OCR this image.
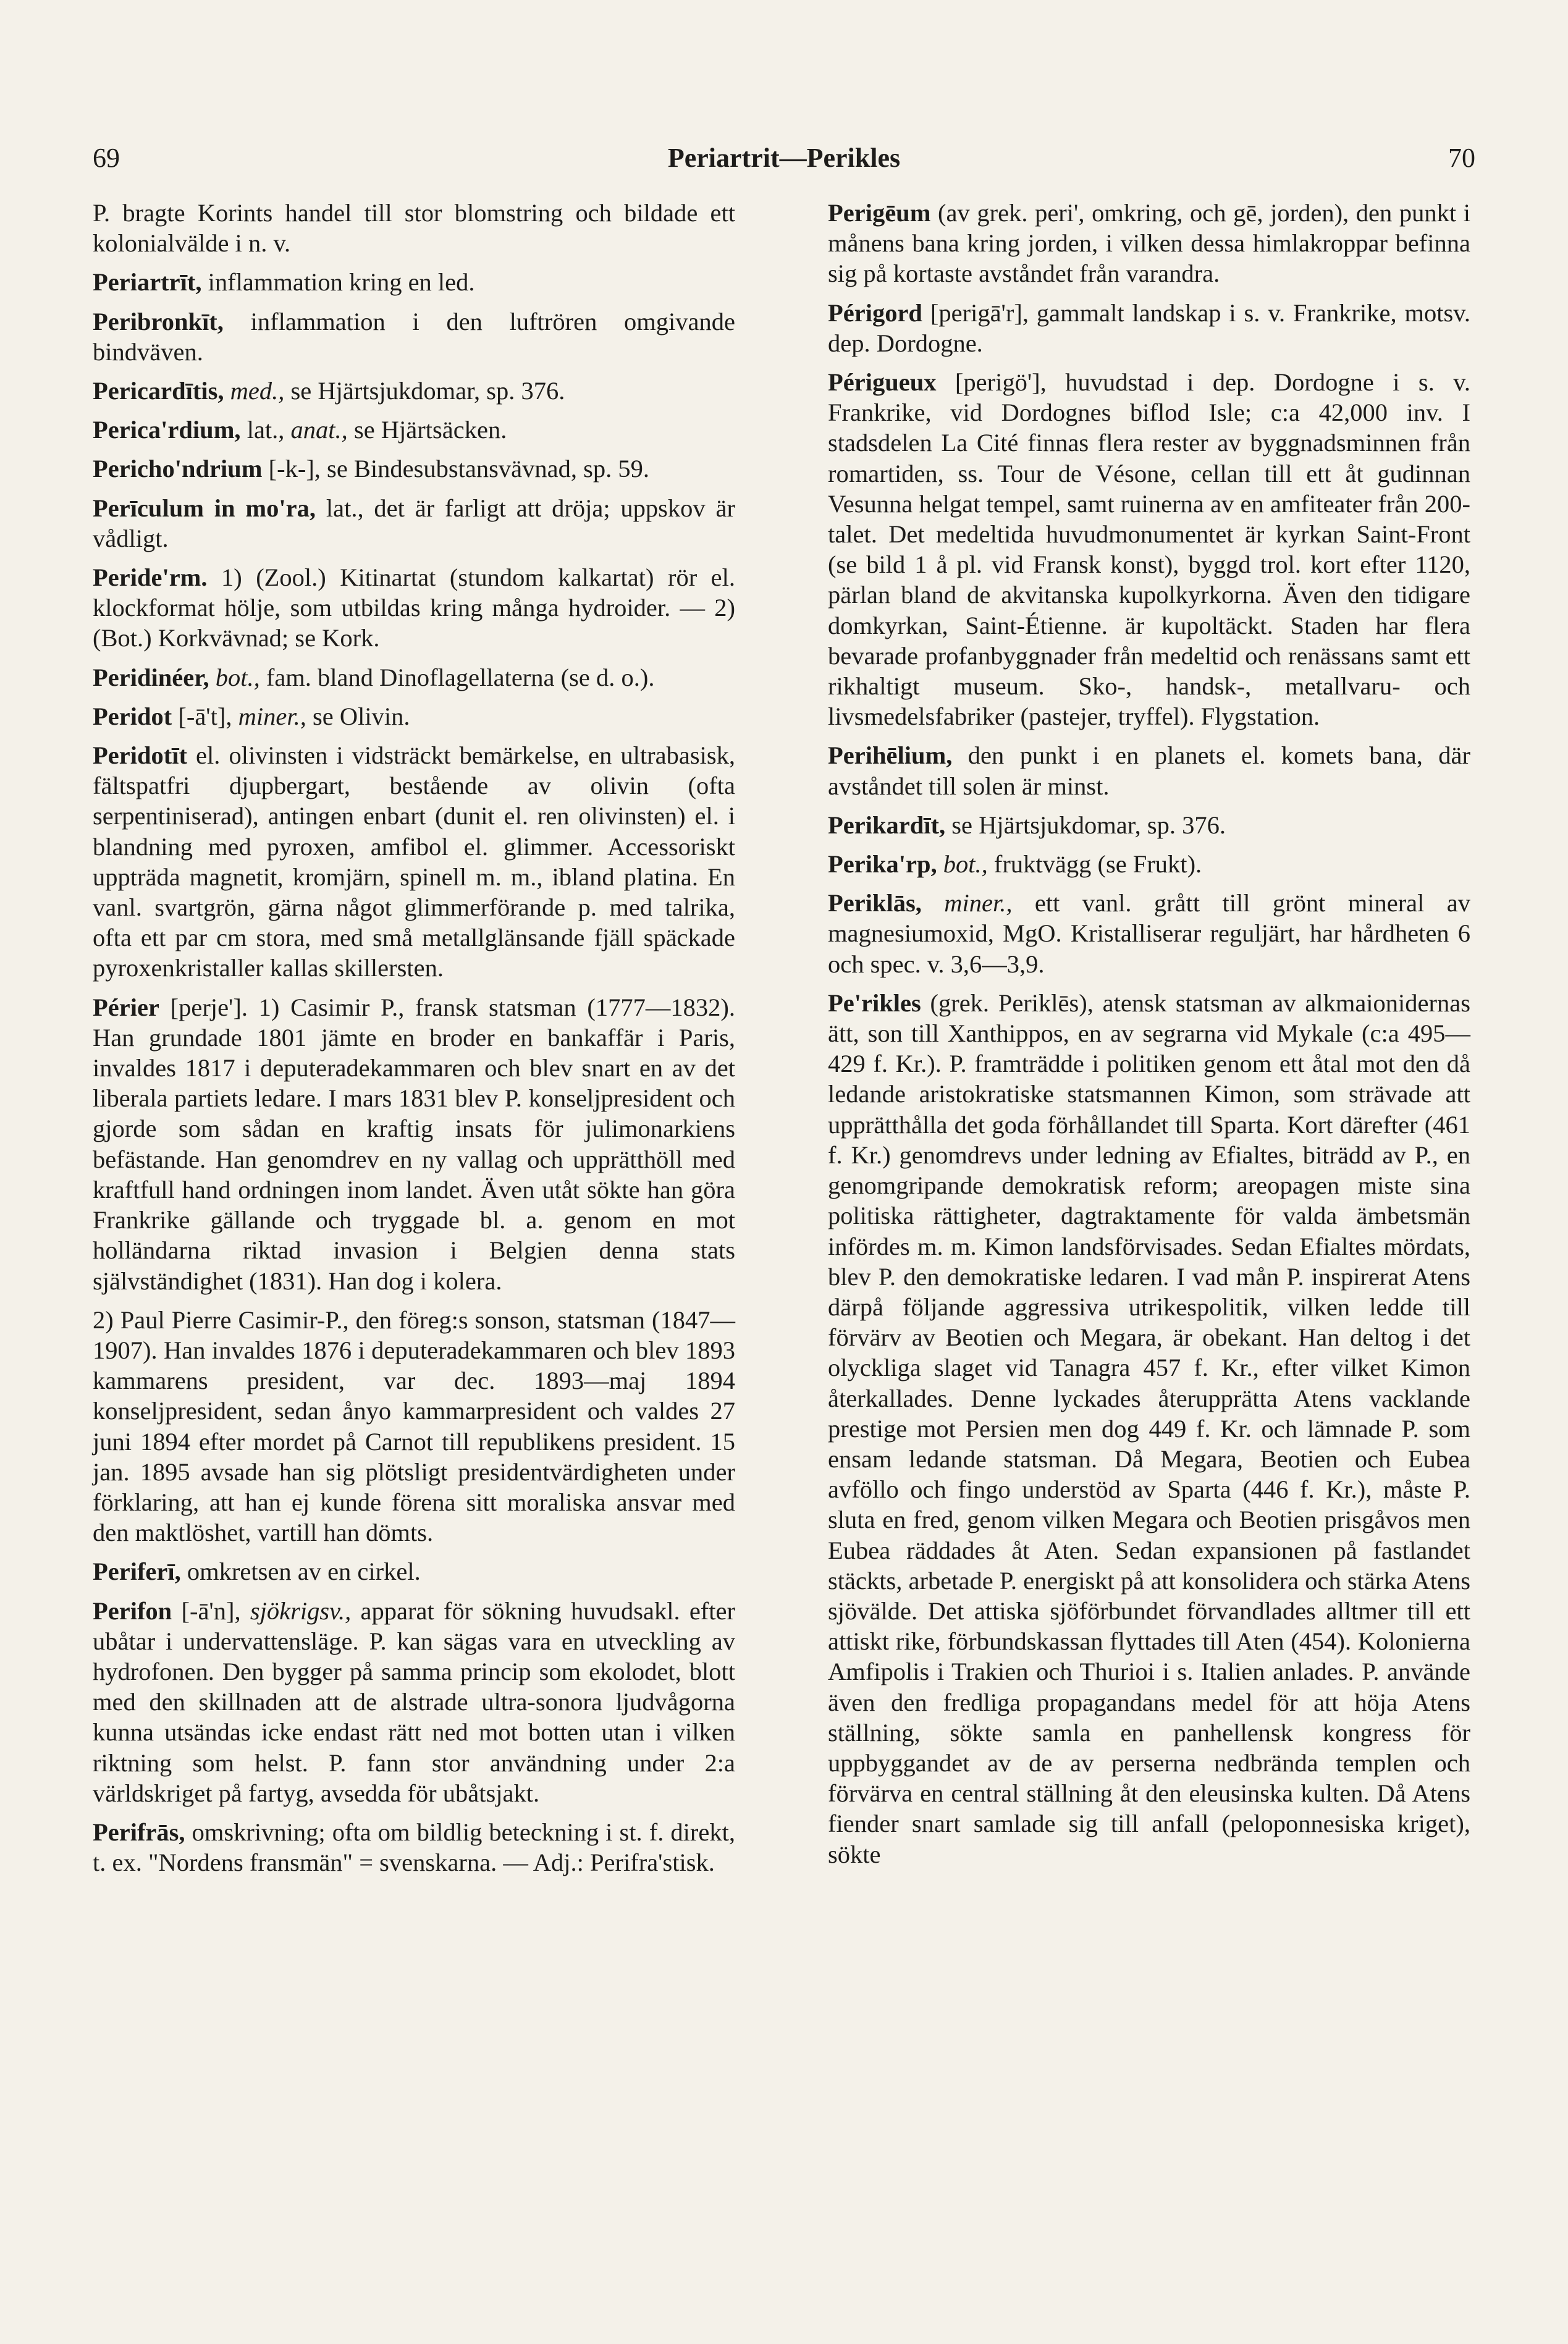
69	Periartrit—Perikles	70

P. bragte Korints handel till stor blomstring och bildade ett kolonialvälde i n. v.

Periartrīt, inflammation kring en led.

Peribronkīt, inflammation i den luftrören omgivande bindväven.

Pericardītis, med., se Hjärtsjukdomar, sp. 376.

Perica'rdium, lat., anat., se Hjärtsäcken.

Pericho'ndrium [-k-], se Bindesubstansvävnad, sp. 59.

Perīculum in mo'ra, lat., det är farligt att dröja; uppskov är vådligt.

Peride'rm. 1) (Zool.) Kitinartat (stundom kalkartat) rör el. klockformat hölje, som utbildas kring många hydroider. — 2) (Bot.) Korkvävnad; se Kork.

Peridinéer, bot., fam. bland Dinoflagellaterna (se d. o.).

Peridot [-ā't], miner., se Olivin.

Peridotīt el. olivinsten i vidsträckt bemärkelse, en ultrabasisk, fältspatfri djupbergart, bestående av olivin (ofta serpentiniserad), antingen enbart (dunit el. ren olivinsten) el. i blandning med pyroxen, amfibol el. glimmer. Accessoriskt uppträda magnetit, kromjärn, spinell m. m., ibland platina. En vanl. svartgrön, gärna något glimmerförande p. med talrika, ofta ett par cm stora, med små metallglänsande fjäll späckade pyroxenkristaller kallas skillersten.

Périer [perje']. 1) Casimir P., fransk statsman (1777—1832). Han grundade 1801 jämte en broder en bankaffär i Paris, invaldes 1817 i deputeradekammaren och blev snart en av det liberala partiets ledare. I mars 1831 blev P. konseljpresident och gjorde som sådan en kraftig insats för julimonarkiens befästande. Han genomdrev en ny vallag och upprätthöll med kraftfull hand ordningen inom landet. Även utåt sökte han göra Frankrike gällande och tryggade bl. a. genom en mot holländarna riktad invasion i Belgien denna stats självständighet (1831). Han dog i kolera.

2) Paul Pierre Casimir-P., den föreg:s sonson, statsman (1847—1907). Han invaldes 1876 i deputeradekammaren och blev 1893 kammarens president, var dec. 1893—maj 1894 konseljpresident, sedan ånyo kammarpresident och valdes 27 juni 1894 efter mordet på Carnot till republikens president. 15 jan. 1895 avsade han sig plötsligt presidentvärdigheten under förklaring, att han ej kunde förena sitt moraliska ansvar med den maktlöshet, vartill han dömts.

Periferī, omkretsen av en cirkel.

Perifon [-ā'n], sjökrigsv., apparat för sökning huvudsakl. efter ubåtar i undervattensläge. P. kan sägas vara en utveckling av hydrofonen. Den bygger på samma princip som ekolodet, blott med den skillnaden att de alstrade ultra-sonora ljudvågorna kunna utsändas icke endast rätt ned mot botten utan i vilken riktning som helst. P. fann stor användning under 2:a världskriget på fartyg, avsedda för ubåtsjakt.

Perifrās, omskrivning; ofta om bildlig beteckning i st. f. direkt, t. ex. "Nordens fransmän" = svenskarna. — Adj.: Perifra'stisk.

Perigēum (av grek. peri', omkring, och gē, jorden), den punkt i månens bana kring jorden, i vilken dessa himlakroppar befinna sig på kortaste avståndet från varandra.

Périgord [perigā'r], gammalt landskap i s. v. Frankrike, motsv. dep. Dordogne.

Périgueux [perigö'], huvudstad i dep. Dordogne i s. v. Frankrike, vid Dordognes biflod Isle; c:a 42,000 inv. I stadsdelen La Cité finnas flera rester av byggnadsminnen från romartiden, ss. Tour de Vésone, cellan till ett åt gudinnan Vesunna helgat tempel, samt ruinerna av en amfiteater från 200-talet. Det medeltida huvudmonumentet är kyrkan Saint-Front (se bild 1 å pl. vid Fransk konst), byggd trol. kort efter 1120, pärlan bland de akvitanska kupolkyrkorna. Även den tidigare domkyrkan, Saint-Étienne. är kupoltäckt. Staden har flera bevarade profanbyggnader från medeltid och renässans samt ett rikhaltigt museum. Sko-, handsk-, metallvaru- och livsmedelsfabriker (pastejer, tryffel). Flygstation.

Perihēlium, den punkt i en planets el. komets bana, där avståndet till solen är minst.

Perikardīt, se Hjärtsjukdomar, sp. 376.

Perika'rp, bot., fruktvägg (se Frukt).

Periklās, miner., ett vanl. grått till grönt mineral av magnesiumoxid, MgO. Kristalliserar reguljärt, har hårdheten 6 och spec. v. 3,6—3,9.

Pe'rikles (grek. Periklēs), atensk statsman av alkmaionidernas ätt, son till Xanthippos, en av segrarna vid Mykale (c:a 495—429 f. Kr.). P. framträdde i politiken genom ett åtal mot den då ledande aristokratiske statsmannen Kimon, som strävade att upprätthålla det goda förhållandet till Sparta. Kort därefter (461 f. Kr.) genomdrevs under ledning av Efialtes, biträdd av P., en genomgripande demokratisk reform; areopagen miste sina politiska rättigheter, dagtraktamente för valda ämbetsmän infördes m. m. Kimon landsförvisades. Sedan Efialtes mördats, blev P. den demokratiske ledaren. I vad mån P. inspirerat Atens därpå följande aggressiva utrikespolitik, vilken ledde till förvärv av Beotien och Megara, är obekant. Han deltog i det olyckliga slaget vid Tanagra 457 f. Kr., efter vilket Kimon återkallades. Denne lyckades återupprätta Atens vacklande prestige mot Persien men dog 449 f. Kr. och lämnade P. som ensam ledande statsman. Då Megara, Beotien och Eubea avföllo och fingo understöd av Sparta (446 f. Kr.), måste P. sluta en fred, genom vilken Megara och Beotien prisgåvos men Eubea räddades åt Aten. Sedan expansionen på fastlandet stäckts, arbetade P. energiskt på att konsolidera och stärka Atens sjövälde. Det attiska sjöförbundet förvandlades alltmer till ett attiskt rike, förbundskassan flyttades till Aten (454). Kolonierna Amfipolis i Trakien och Thurioi i s. Italien anlades. P. använde även den fredliga propagandans medel för att höja Atens ställning, sökte samla en panhellensk kongress för uppbyggandet av de av perserna nedbrända templen och förvärva en central ställning åt den eleusinska kulten. Då Atens fiender snart samlade sig till anfall (peloponnesiska kriget), sökte
